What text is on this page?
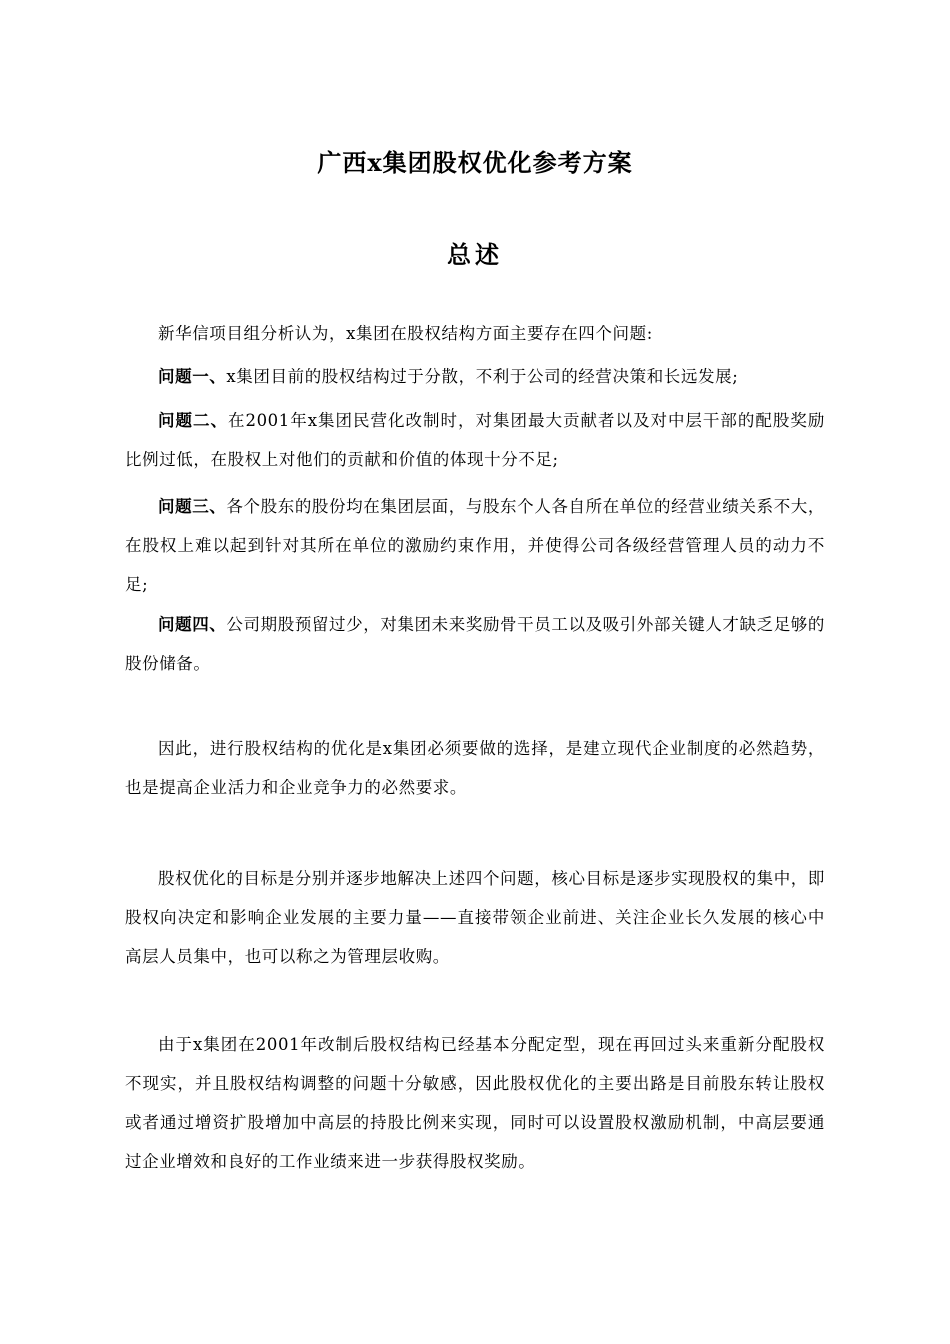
广西x集团股权优化参考方案
总述

新华信项目组分析认为，x集团在股权结构方面主要存在四个问题:

问题一、x集团目前的股权结构过于分散，不利于公司的经营决策和长远发展;

问题二、在2001年x集团民营化改制时，对集团最大贡献者以及对中层干部的配股奖励比例过低，在股权上对他们的贡献和价值的体现十分不足;

问题三、各个股东的股份均在集团层面，与股东个人各自所在单位的经营业绩关系不大，在股权上难以起到针对其所在单位的激励约束作用，并使得公司各级经营管理人员的动力不足;

问题四、公司期股预留过少，对集团未来奖励骨干员工以及吸引外部关键人才缺乏足够的股份储备。

因此，进行股权结构的优化是x集团必须要做的选择，是建立现代企业制度的必然趋势，也是提高企业活力和企业竞争力的必然要求。

股权优化的目标是分别并逐步地解决上述四个问题，核心目标是逐步实现股权的集中，即股权向决定和影响企业发展的主要力量——直接带领企业前进、关注企业长久发展的核心中高层人员集中，也可以称之为管理层收购。

由于x集团在2001年改制后股权结构已经基本分配定型，现在再回过头来重新分配股权不现实，并且股权结构调整的问题十分敏感，因此股权优化的主要出路是目前股东转让股权或者通过增资扩股增加中高层的持股比例来实现，同时可以设置股权激励机制，中高层要通过企业增效和良好的工作业绩来进一步获得股权奖励。
